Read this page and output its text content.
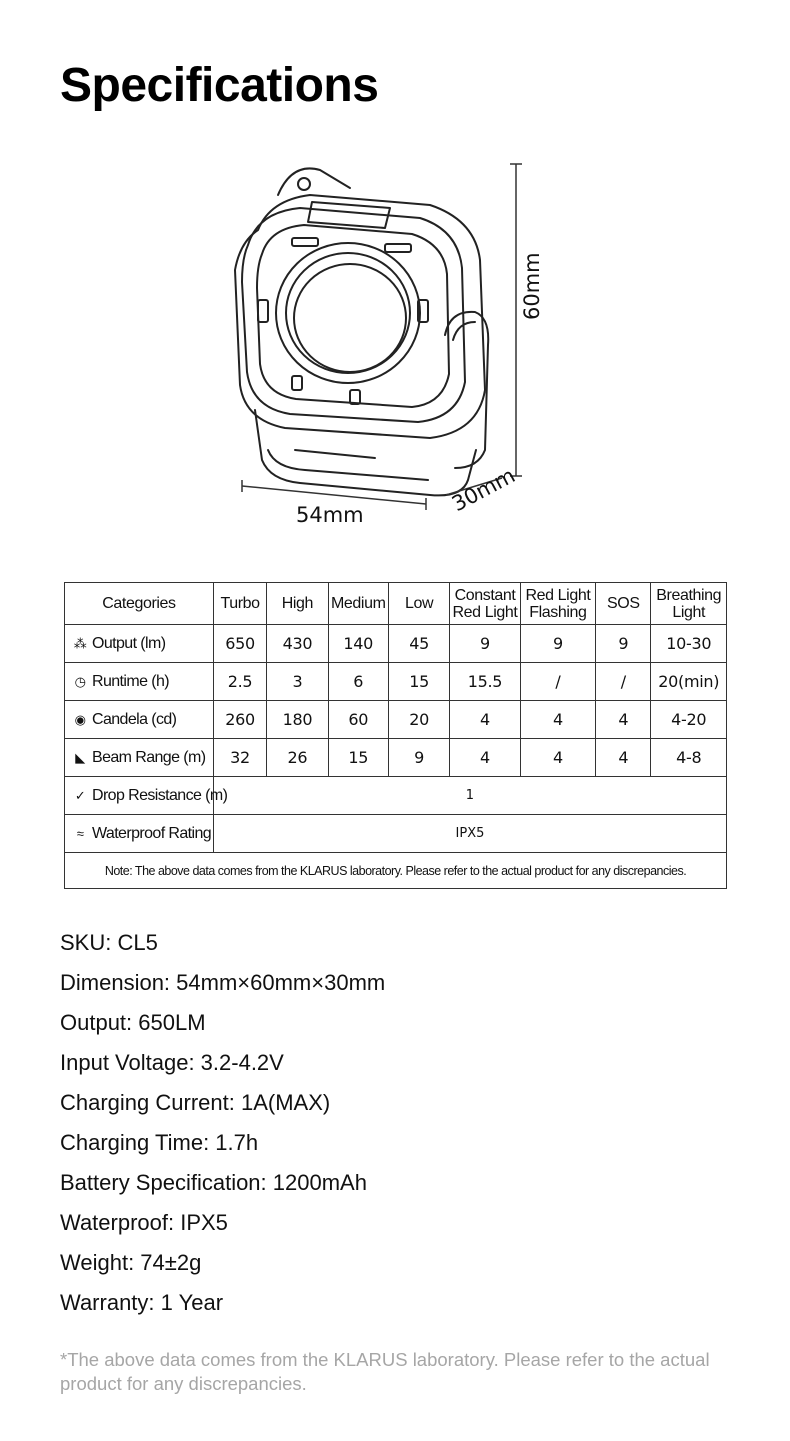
Specifications
54mm
60mm
30mm
Categories	Turbo	High	Medium	Low	Constant Red Light	Red Light Flashing	SOS	Breathing Light
⁂ Output (lm)	650	430	140	45	9	9	9	10-30
◷ Runtime (h)	2.5	3	6	15	15.5	/	/	20(min)
◉ Candela (cd)	260	180	60	20	4	4	4	4-20
◣ Beam Range (m)	32	26	15	9	4	4	4	4-8
✓ Drop Resistance (m)	1							
≈ Waterproof Rating	IPX5							
Note: The above data comes from the KLARUS laboratory. Please refer to the actual product for any discrepancies.								
SKU: CL5
Dimension: 54mm×60mm×30mm
Output: 650LM
Input Voltage: 3.2-4.2V
Charging Current: 1A(MAX)
Charging Time: 1.7h
Battery Specification: 1200mAh
Waterproof: IPX5
Weight: 74±2g
Warranty: 1 Year
*The above data comes from the KLARUS laboratory. Please refer to the actual product for any discrepancies.
